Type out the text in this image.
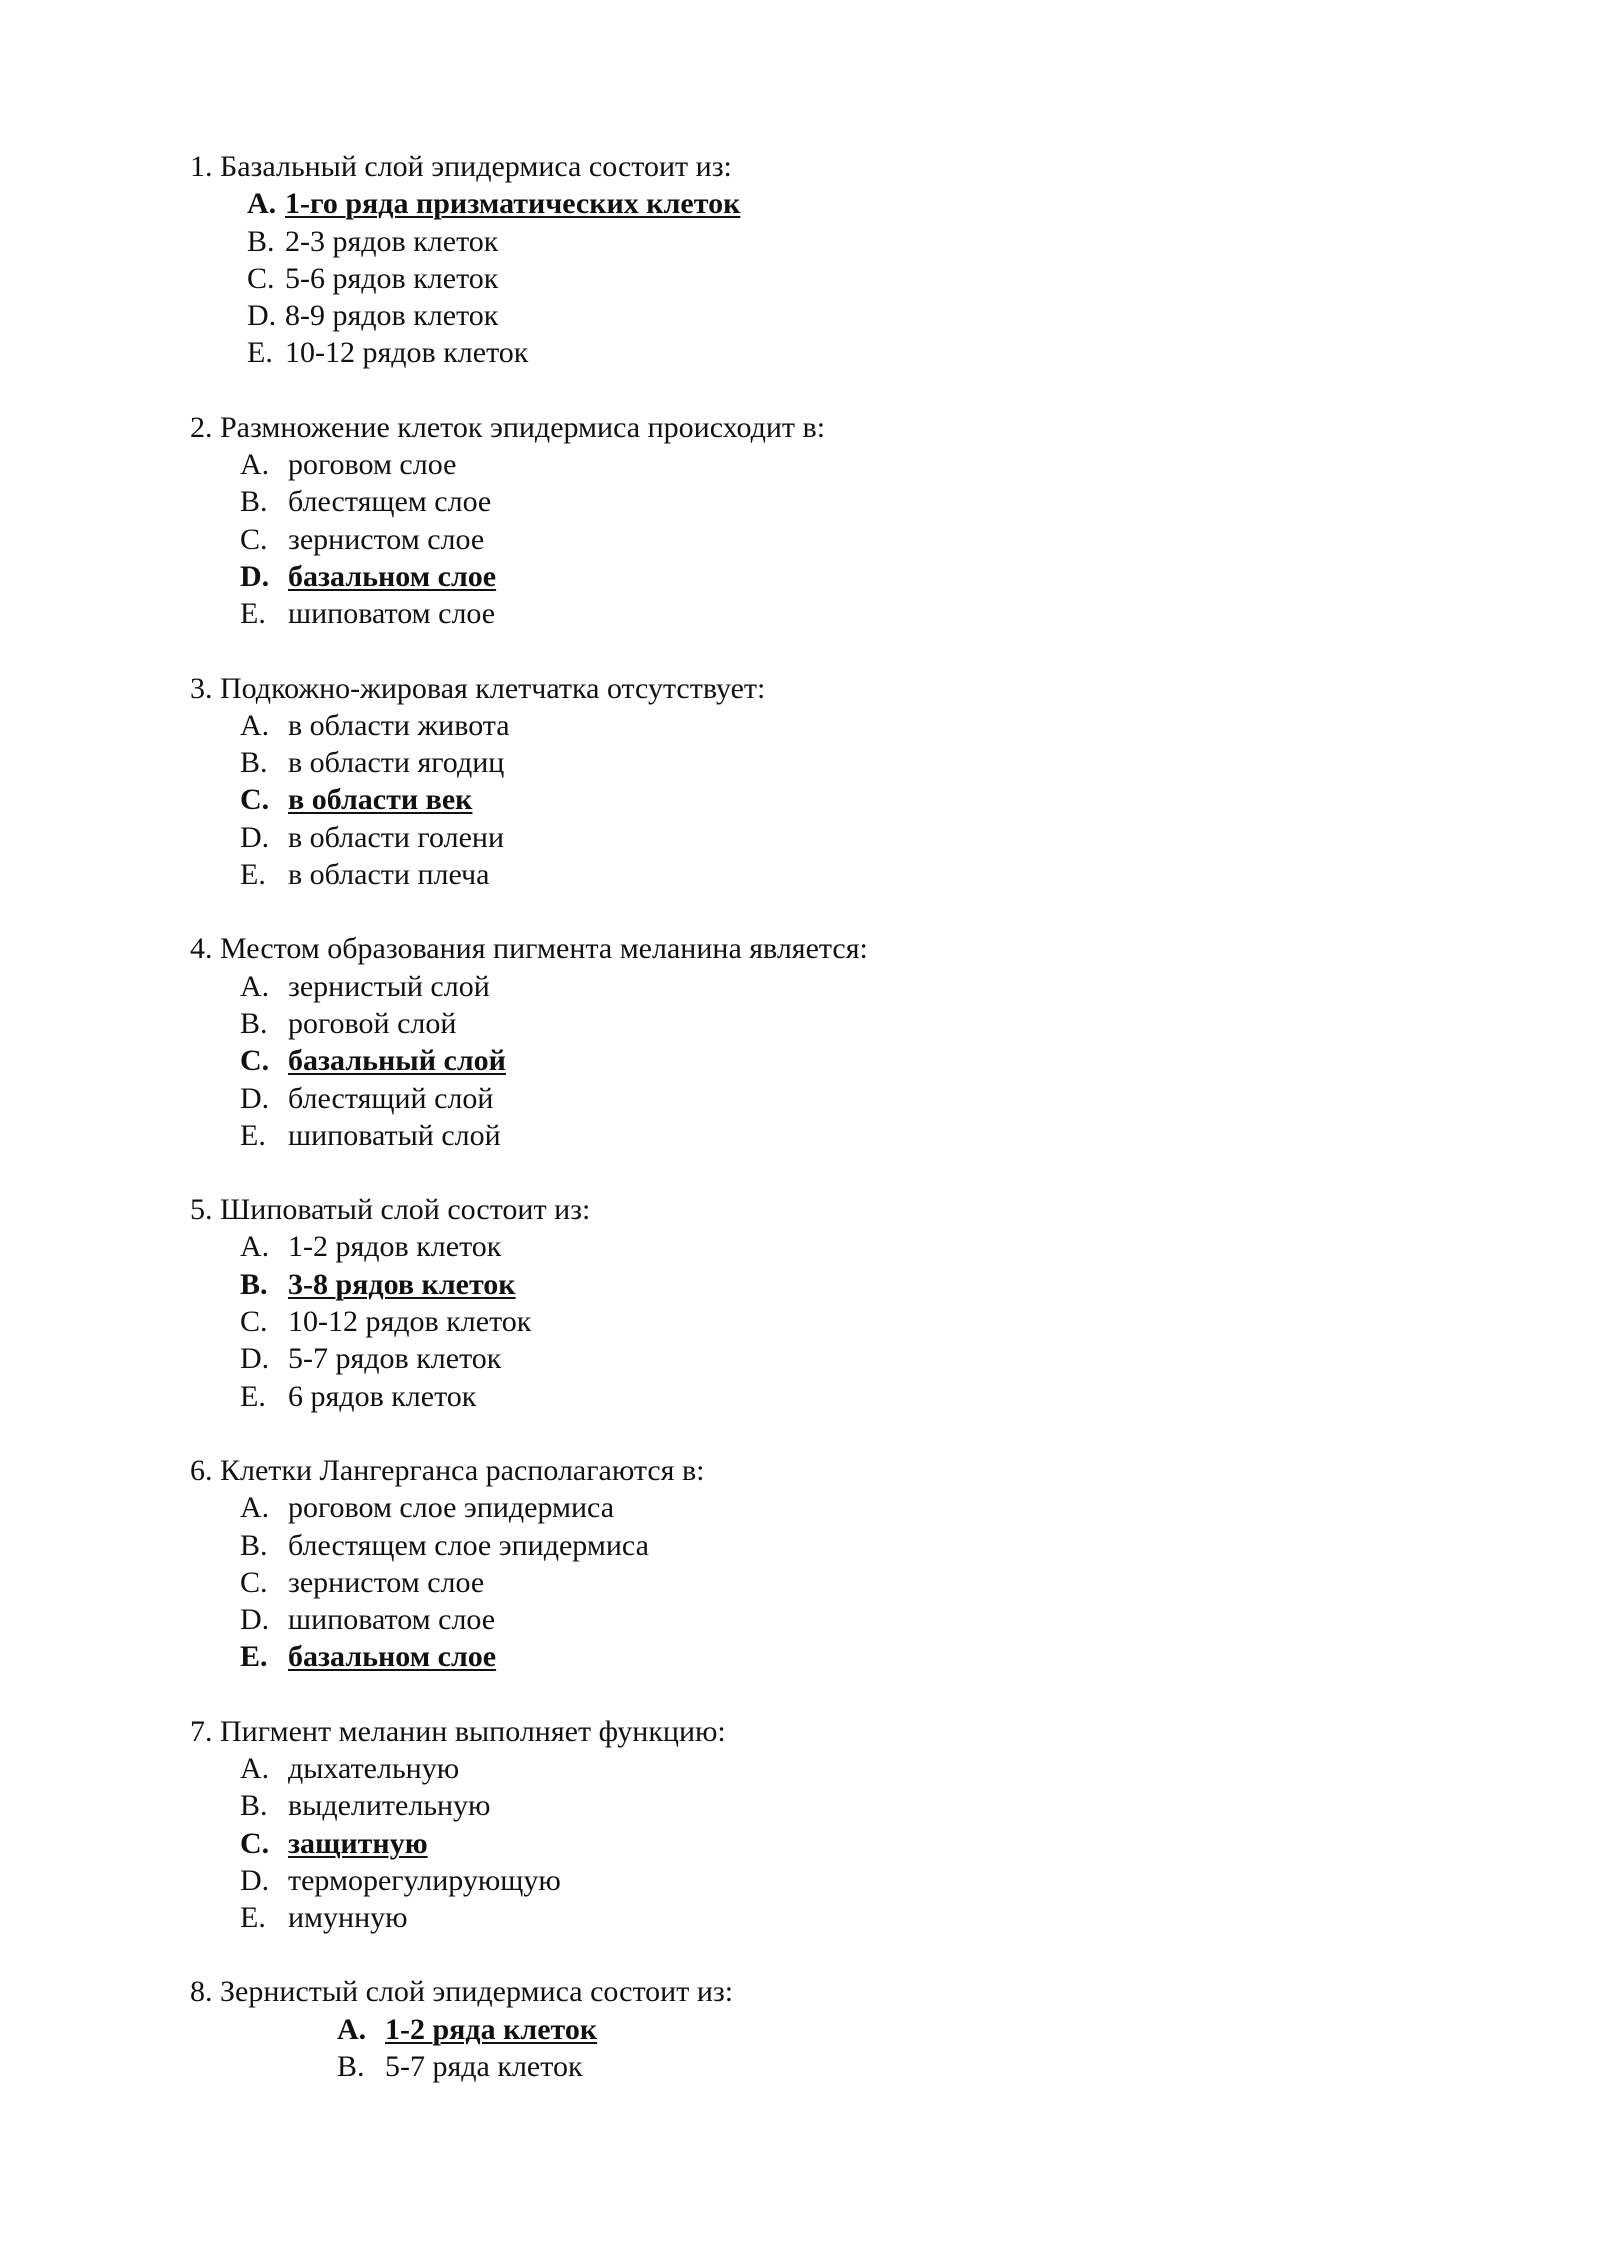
1. Базальный слой эпидермиса состоит из:
A. 1-го ряда призматических клеток
B. 2-3 рядов клеток
C. 5-6 рядов клеток
D. 8-9 рядов клеток
E. 10-12 рядов клеток
2. Размножение клеток эпидермиса происходит в:
A. роговом слое
B. блестящем слое
C. зернистом слое
D. базальном слое
E. шиповатом слое
3. Подкожно-жировая клетчатка отсутствует:
A. в области живота
B. в области ягодиц
C. в области век
D. в области голени
E. в области плеча
4. Местом образования пигмента меланина является:
A. зернистый слой
B. роговой слой
C. базальный слой
D. блестящий слой
E. шиповатый слой
5. Шиповатый слой состоит из:
A. 1-2 рядов клеток
B. 3-8 рядов клеток
C. 10-12 рядов клеток
D. 5-7 рядов клеток
E. 6 рядов клеток
6. Клетки Лангерганса располагаются в:
A. роговом слое эпидермиса
B. блестящем слое эпидермиса
C. зернистом слое
D. шиповатом слое
E. базальном слое
7. Пигмент меланин выполняет функцию:
A. дыхательную
B. выделительную
C. защитную
D. терморегулирующую
E. имунную
8. Зернистый слой эпидермиса состоит из:
A. 1-2 ряда клеток
B. 5-7 ряда клеток
